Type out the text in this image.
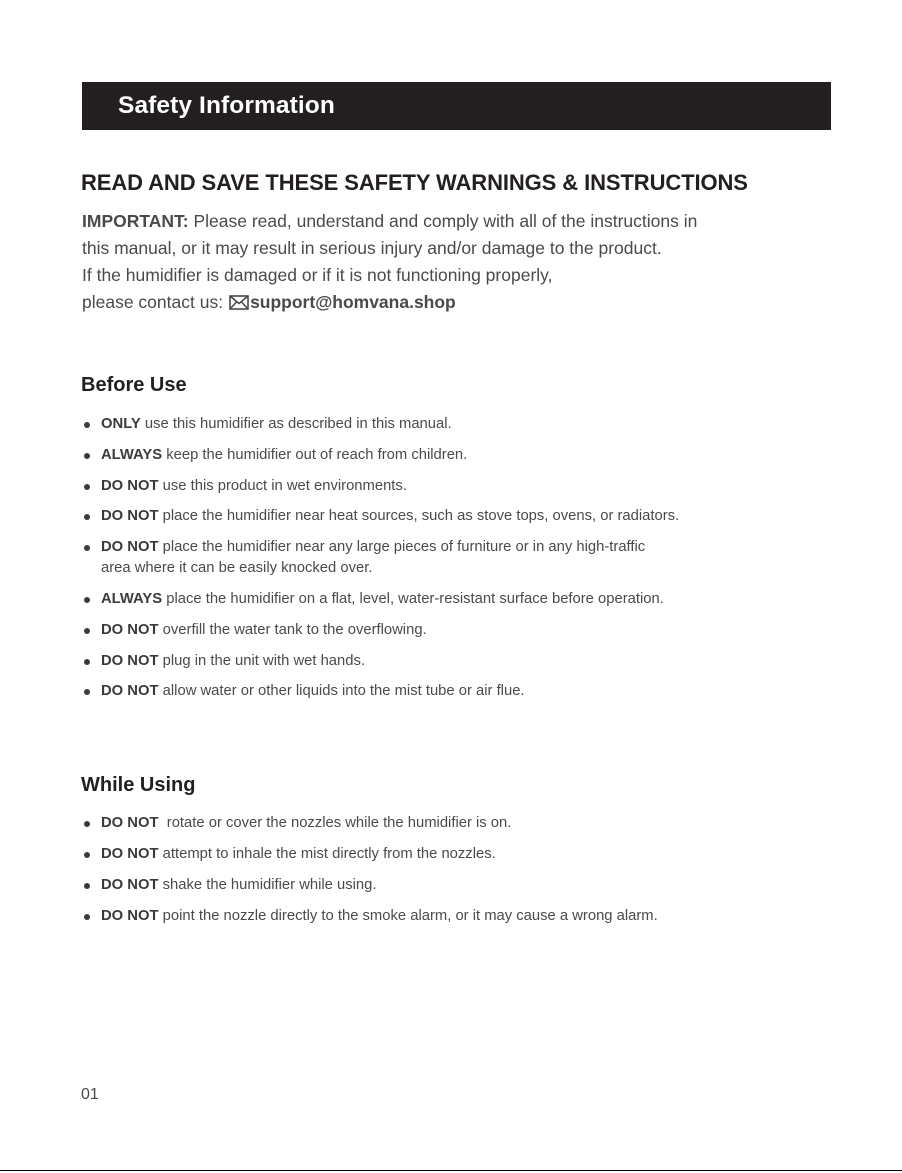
Safety Information
READ AND SAVE THESE SAFETY WARNINGS & INSTRUCTIONS
IMPORTANT: Please read, understand and comply with all of the instructions in
this manual, or it may result in serious injury and/or damage to the product.
If the humidifier is damaged or if it is not functioning properly,
please contact us: support@homvana.shop
Before Use
ONLY use this humidifier as described in this manual.
ALWAYS keep the humidifier out of reach from children.
DO NOT use this product in wet environments.
DO NOT place the humidifier near heat sources, such as stove tops, ovens, or radiators.
DO NOT place the humidifier near any large pieces of furniture or in any high-traffic
area where it can be easily knocked over.
ALWAYS place the humidifier on a flat, level, water-resistant surface before operation.
DO NOT overfill the water tank to the overflowing.
DO NOT plug in the unit with wet hands.
DO NOT allow water or other liquids into the mist tube or air flue.
While Using
DO NOT  rotate or cover the nozzles while the humidifier is on.
DO NOT attempt to inhale the mist directly from the nozzles.
DO NOT shake the humidifier while using.
DO NOT point the nozzle directly to the smoke alarm, or it may cause a wrong alarm.
01
